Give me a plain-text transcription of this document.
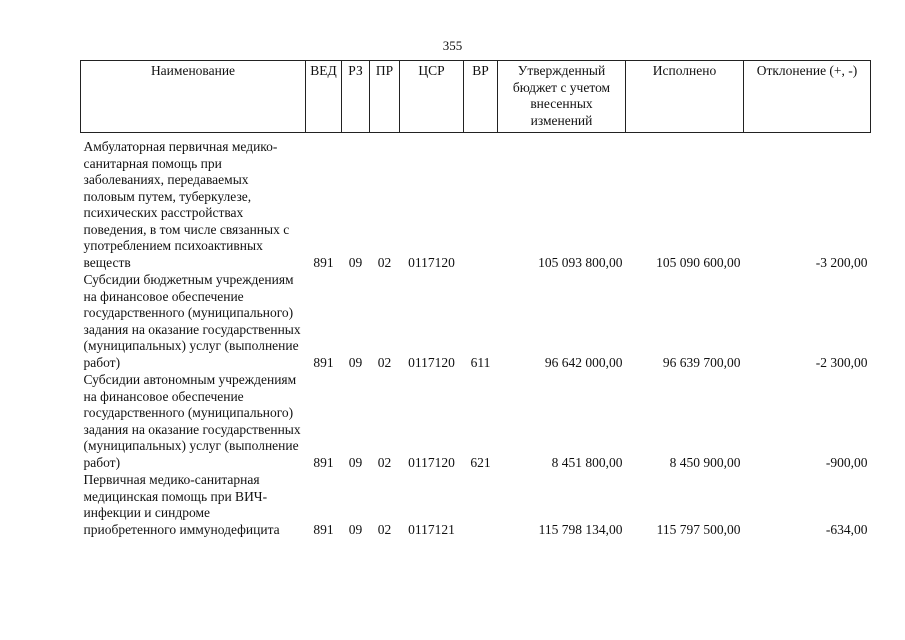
355
Наименование	ВЕД	РЗ	ПР	ЦСР	ВР	Утвержденный бюджет с учетом внесенных изменений	Исполнено	Отклонение (+, -)

Амбулаторная первичная медико-санитарная помощь при заболеваниях, передаваемых половым путем, туберкулезе, психических расстройствах поведения, в том числе связанных с употреблением психоактивных веществ	891	09	02	0117120		105 093 800,00	105 090 600,00	-3 200,00

Субсидии бюджетным учреждениям на финансовое обеспечение государственного (муниципального) задания на оказание государственных (муниципальных) услуг (выполнение работ)	891	09	02	0117120	611	96 642 000,00	96 639 700,00	-2 300,00

Субсидии автономным учреждениям на финансовое обеспечение государственного (муниципального) задания на оказание государственных (муниципальных) услуг (выполнение работ)	891	09	02	0117120	621	8 451 800,00	8 450 900,00	-900,00

Первичная медико-санитарная медицинская помощь при ВИЧ-инфекции и синдроме приобретенного иммунодефицита	891	09	02	0117121		115 798 134,00	115 797 500,00	-634,00
